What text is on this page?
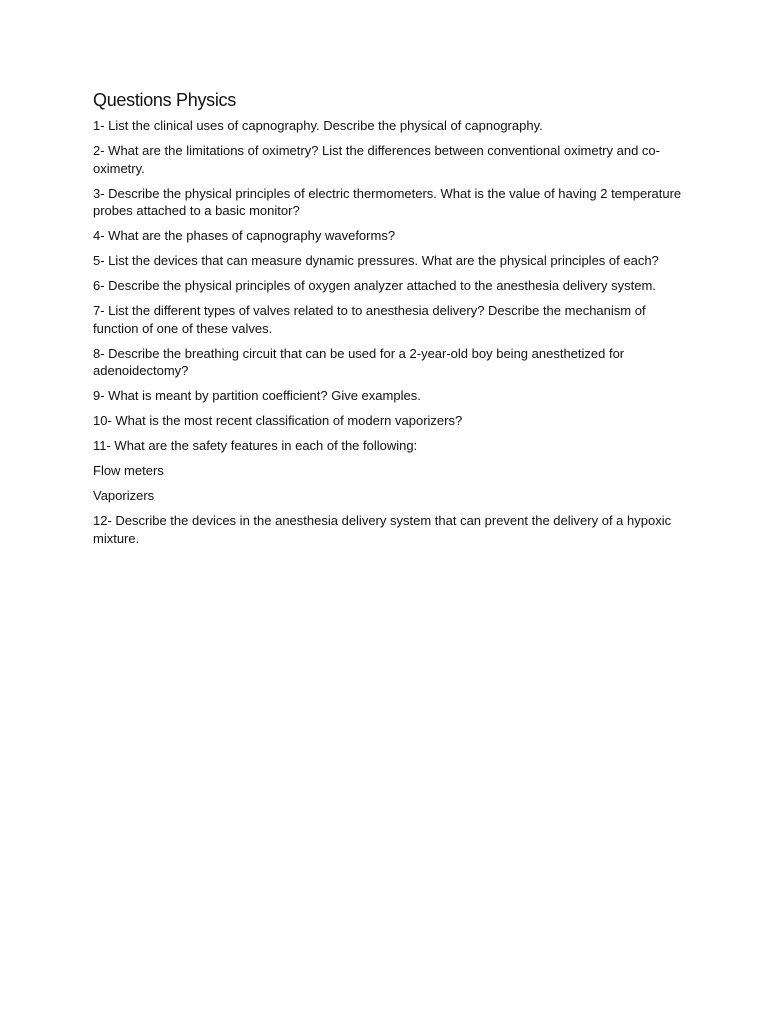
Questions Physics

1- List the clinical uses of capnography. Describe the physical of capnography.

2- What are the limitations of oximetry? List the differences between conventional oximetry and co-oximetry.

3- Describe the physical principles of electric thermometers. What is the value of having 2 temperature probes attached to a basic monitor?

4- What are the phases of capnography waveforms?

5- List the devices that can measure dynamic pressures. What are the physical principles of each?

6- Describe the physical principles of oxygen analyzer attached to the anesthesia delivery system.

7- List the different types of valves related to to anesthesia delivery? Describe the mechanism of function of one of these valves.

8- Describe the breathing circuit that can be used for a 2-year-old boy being anesthetized for adenoidectomy?

9- What is meant by partition coefficient? Give examples.

10- What is the most recent classification of modern vaporizers?

11- What are the safety features in each of the following:

Flow meters

Vaporizers

12- Describe the devices in the anesthesia delivery system that can prevent the delivery of a hypoxic mixture.
